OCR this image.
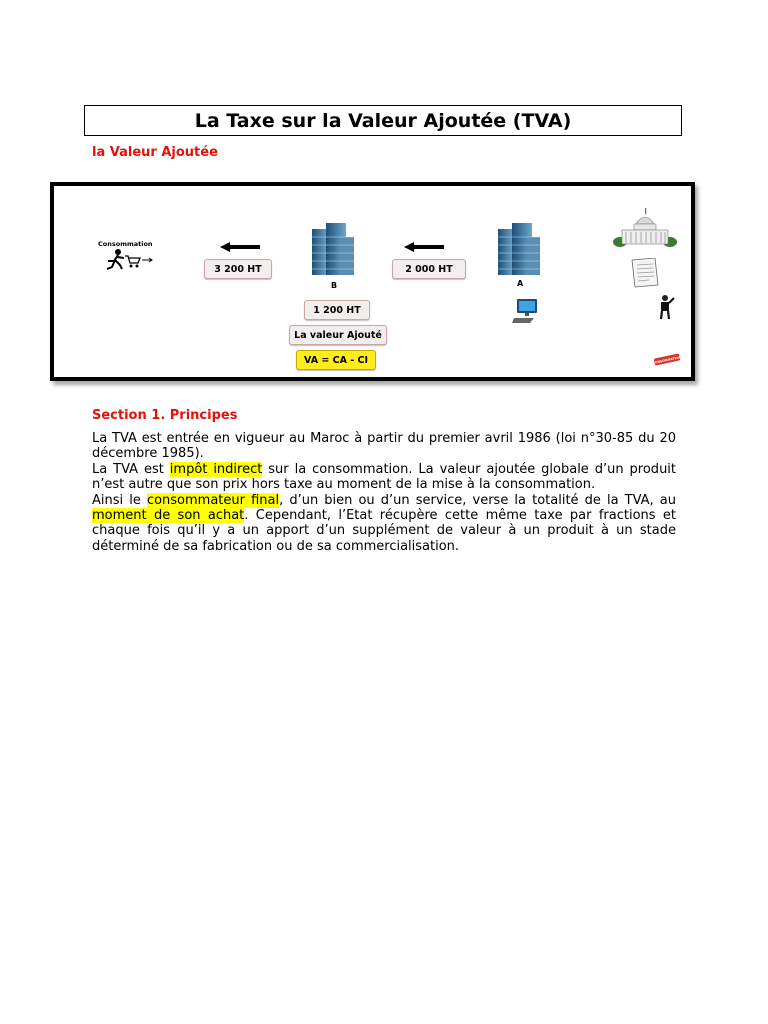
La Taxe sur la Valeur Ajoutée (TVA)
la Valeur Ajoutée
Consommation
3 200 HT
B
2 000 HT
A
1 200 HT
La valeur Ajouté
VA = CA - CI	CONSOMMATEUR
Section 1. Principes

La TVA est entrée en vigueur au Maroc à partir du premier avril 1986 (loi n°30-85 du 20 décembre 1985).

La TVA est impôt indirect sur la consommation. La valeur ajoutée globale d’un produit n’est autre que son prix hors taxe au moment de la mise à la consommation.

Ainsi le consommateur final, d’un bien ou d’un service, verse la totalité de la TVA, au moment de son achat. Cependant, l’Etat récupère cette même taxe par fractions et chaque fois qu’il y a un apport d’un supplément de valeur à un produit à un stade déterminé de sa fabrication ou de sa commercialisation.
